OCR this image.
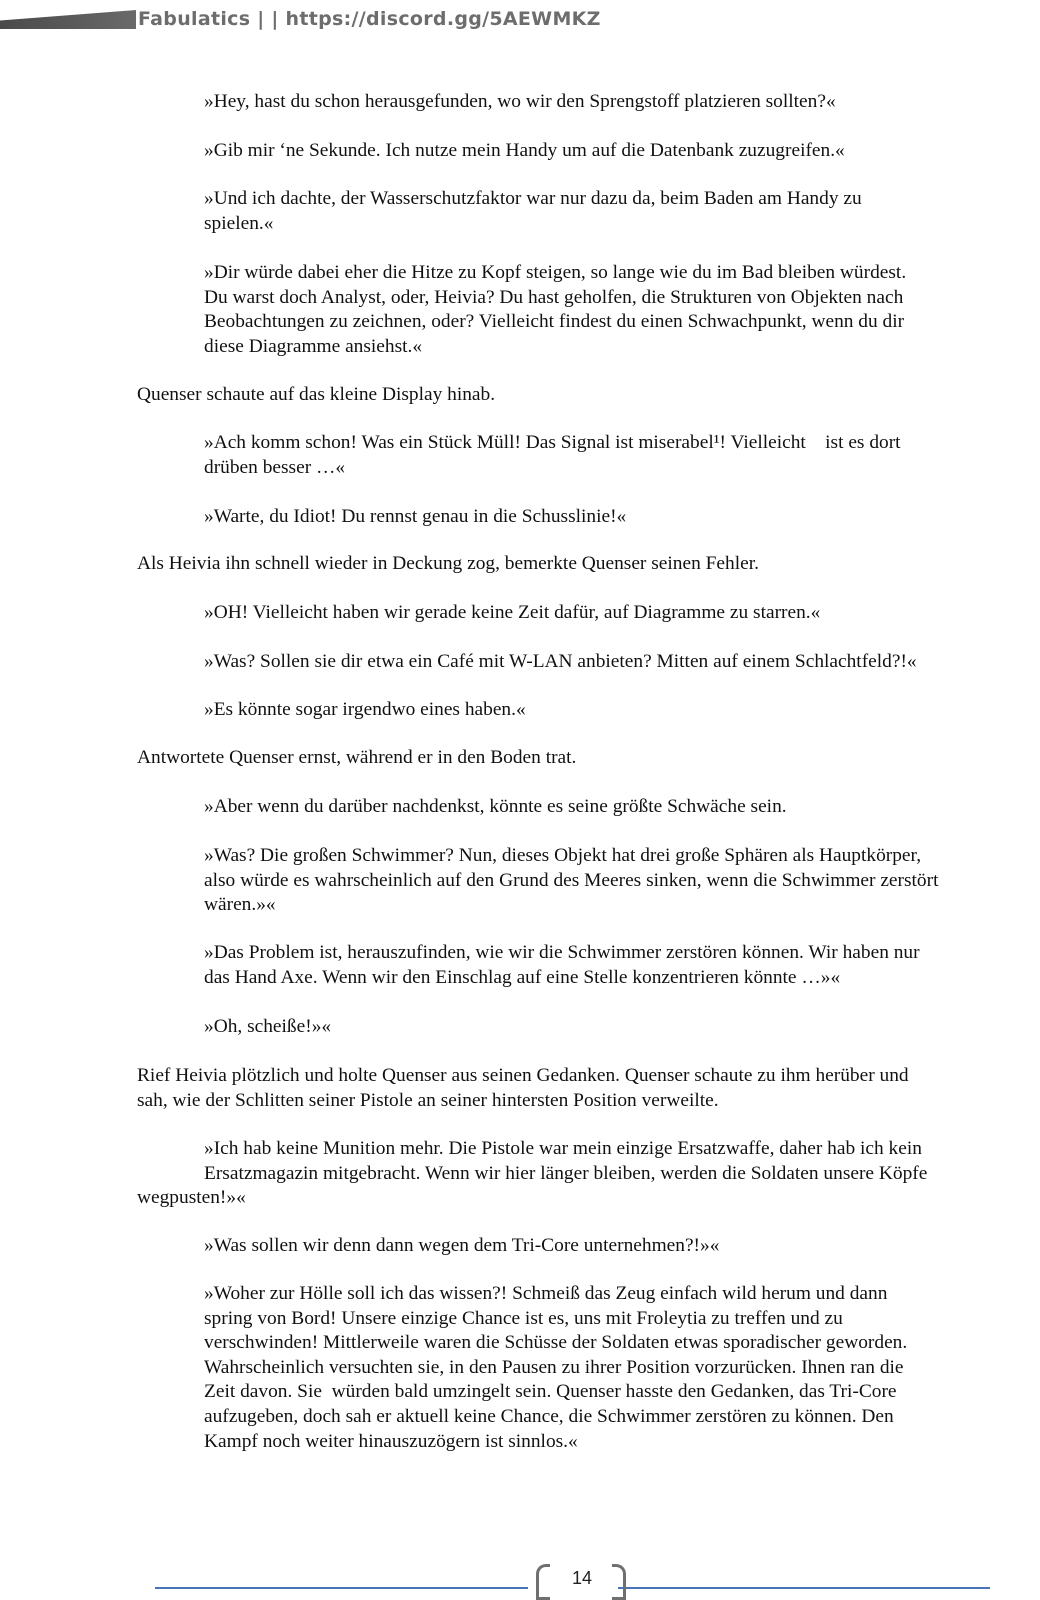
Fabulatics | | https://discord.gg/5AEWMKZ
»Hey, hast du schon herausgefunden, wo wir den Sprengstoff platzieren sollten?«
»Gib mir ‘ne Sekunde. Ich nutze mein Handy um auf die Datenbank zuzugreifen.«
»Und ich dachte, der Wasserschutzfaktor war nur dazu da, beim Baden am Handy zu
spielen.«
»Dir würde dabei eher die Hitze zu Kopf steigen, so lange wie du im Bad bleiben würdest.
Du warst doch Analyst, oder, Heivia? Du hast geholfen, die Strukturen von Objekten nach
Beobachtungen zu zeichnen, oder? Vielleicht findest du einen Schwachpunkt, wenn du dir
diese Diagramme ansiehst.«
Quenser schaute auf das kleine Display hinab.
»Ach komm schon! Was ein Stück Müll! Das Signal ist miserabel¹! Vielleicht    ist es dort
drüben besser …«
»Warte, du Idiot! Du rennst genau in die Schusslinie!«
Als Heivia ihn schnell wieder in Deckung zog, bemerkte Quenser seinen Fehler.
»OH! Vielleicht haben wir gerade keine Zeit dafür, auf Diagramme zu starren.«
»Was? Sollen sie dir etwa ein Café mit W-LAN anbieten? Mitten auf einem Schlachtfeld?!«
»Es könnte sogar irgendwo eines haben.«
Antwortete Quenser ernst, während er in den Boden trat.
»Aber wenn du darüber nachdenkst, könnte es seine größte Schwäche sein.
»Was? Die großen Schwimmer? Nun, dieses Objekt hat drei große Sphären als Hauptkörper,
also würde es wahrscheinlich auf den Grund des Meeres sinken, wenn die Schwimmer zerstört
wären.»«
»Das Problem ist, herauszufinden, wie wir die Schwimmer zerstören können. Wir haben nur
das Hand Axe. Wenn wir den Einschlag auf eine Stelle konzentrieren könnte …»«
»Oh, scheiße!»«
Rief Heivia plötzlich und holte Quenser aus seinen Gedanken. Quenser schaute zu ihm herüber und
sah, wie der Schlitten seiner Pistole an seiner hintersten Position verweilte.
»Ich hab keine Munition mehr. Die Pistole war mein einzige Ersatzwaffe, daher hab ich kein
Ersatzmagazin mitgebracht. Wenn wir hier länger bleiben, werden die Soldaten unsere Köpfe
wegpusten!»«
»Was sollen wir denn dann wegen dem Tri-Core unternehmen?!»«
»Woher zur Hölle soll ich das wissen?! Schmeiß das Zeug einfach wild herum und dann
spring von Bord! Unsere einzige Chance ist es, uns mit Froleytia zu treffen und zu
verschwinden! Mittlerweile waren die Schüsse der Soldaten etwas sporadischer geworden.
Wahrscheinlich versuchten sie, in den Pausen zu ihrer Position vorzurücken. Ihnen ran die
Zeit davon. Sie  würden bald umzingelt sein. Quenser hasste den Gedanken, das Tri-Core
aufzugeben, doch sah er aktuell keine Chance, die Schwimmer zerstören zu können. Den
Kampf noch weiter hinauszuzögern ist sinnlos.«
14
